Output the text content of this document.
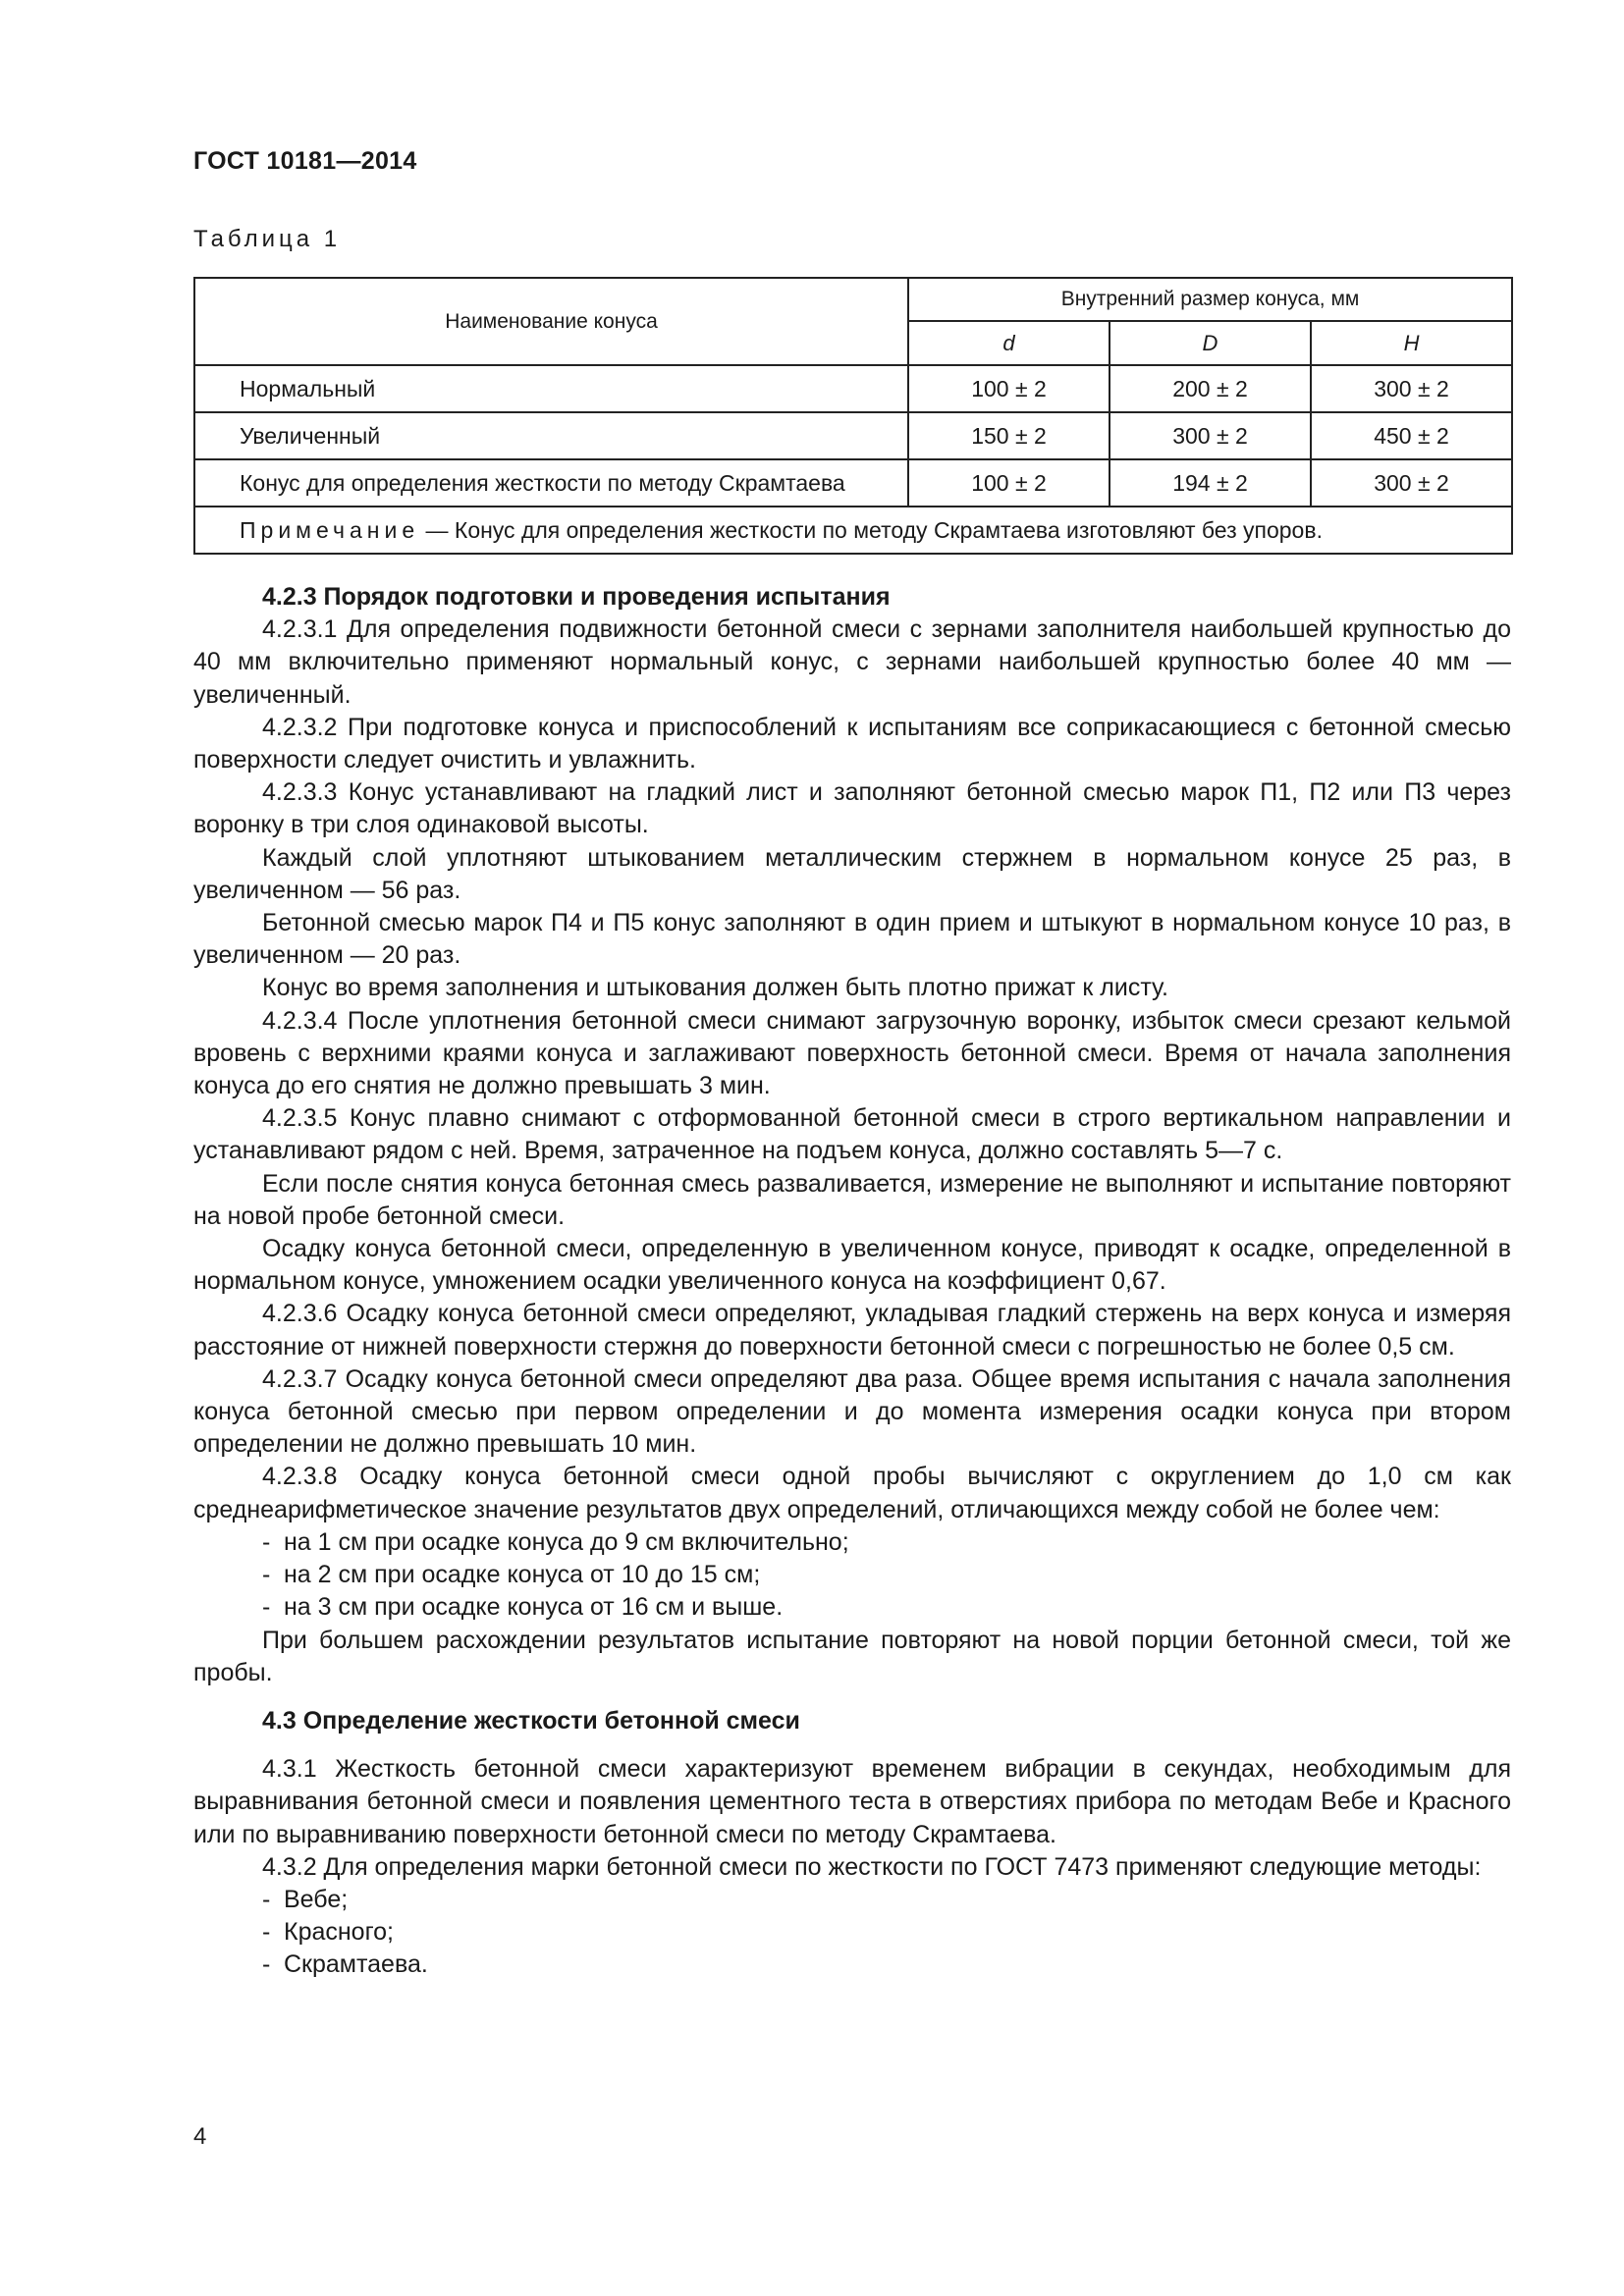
ГОСТ 10181—2014
Таблица 1
Наименование конуса	Внутренний размер конуса, мм		
	d	D	H
Нормальный	100 ± 2	200 ± 2	300 ± 2
Увеличенный	150 ± 2	300 ± 2	450 ± 2
Конус для определения жесткости по методу Скрамтаева	100 ± 2	194 ± 2	300 ± 2
Примечание — Конус для определения жесткости по методу Скрамтаева изготовляют без упоров.			

4.2.3 Порядок подготовки и проведения испытания

4.2.3.1 Для определения подвижности бетонной смеси с зернами заполнителя наибольшей крупностью до 40 мм включительно применяют нормальный конус, с зернами наибольшей крупностью более 40 мм — увеличенный.

4.2.3.2 При подготовке конуса и приспособлений к испытаниям все соприкасающиеся с бетонной смесью поверхности следует очистить и увлажнить.

4.2.3.3 Конус устанавливают на гладкий лист и заполняют бетонной смесью марок П1, П2 или П3 через воронку в три слоя одинаковой высоты.

Каждый слой уплотняют штыкованием металлическим стержнем в нормальном конусе 25 раз, в увеличенном — 56 раз.

Бетонной смесью марок П4 и П5 конус заполняют в один прием и штыкуют в нормальном конусе 10 раз, в увеличенном — 20 раз.

Конус во время заполнения и штыкования должен быть плотно прижат к листу.

4.2.3.4 После уплотнения бетонной смеси снимают загрузочную воронку, избыток смеси срезают кельмой вровень с верхними краями конуса и заглаживают поверхность бетонной смеси. Время от начала заполнения конуса до его снятия не должно превышать 3 мин.

4.2.3.5 Конус плавно снимают с отформованной бетонной смеси в строго вертикальном направлении и устанавливают рядом с ней. Время, затраченное на подъем конуса, должно составлять 5—7 с.

Если после снятия конуса бетонная смесь разваливается, измерение не выполняют и испытание повторяют на новой пробе бетонной смеси.

Осадку конуса бетонной смеси, определенную в увеличенном конусе, приводят к осадке, определенной в нормальном конусе, умножением осадки увеличенного конуса на коэффициент 0,67.

4.2.3.6 Осадку конуса бетонной смеси определяют, укладывая гладкий стержень на верх конуса и измеряя расстояние от нижней поверхности стержня до поверхности бетонной смеси с погрешностью не более 0,5 см.

4.2.3.7 Осадку конуса бетонной смеси определяют два раза. Общее время испытания с начала заполнения конуса бетонной смесью при первом определении и до момента измерения осадки конуса при втором определении не должно превышать 10 мин.

4.2.3.8 Осадку конуса бетонной смеси одной пробы вычисляют с округлением до 1,0 см как среднеарифметическое значение результатов двух определений, отличающихся между собой не более чем:

- на 1 см при осадке конуса до 9 см включительно;
- на 2 см при осадке конуса от 10 до 15 см;
- на 3 см при осадке конуса от 16 см и выше.

При большем расхождении результатов испытание повторяют на новой порции бетонной смеси, той же пробы.

4.3 Определение жесткости бетонной смеси

4.3.1 Жесткость бетонной смеси характеризуют временем вибрации в секундах, необходимым для выравнивания бетонной смеси и появления цементного теста в отверстиях прибора по методам Вебе и Красного или по выравниванию поверхности бетонной смеси по методу Скрамтаева.

4.3.2 Для определения марки бетонной смеси по жесткости по ГОСТ 7473 применяют следующие методы:

- Вебе;
- Красного;
- Скрамтаева.
4
